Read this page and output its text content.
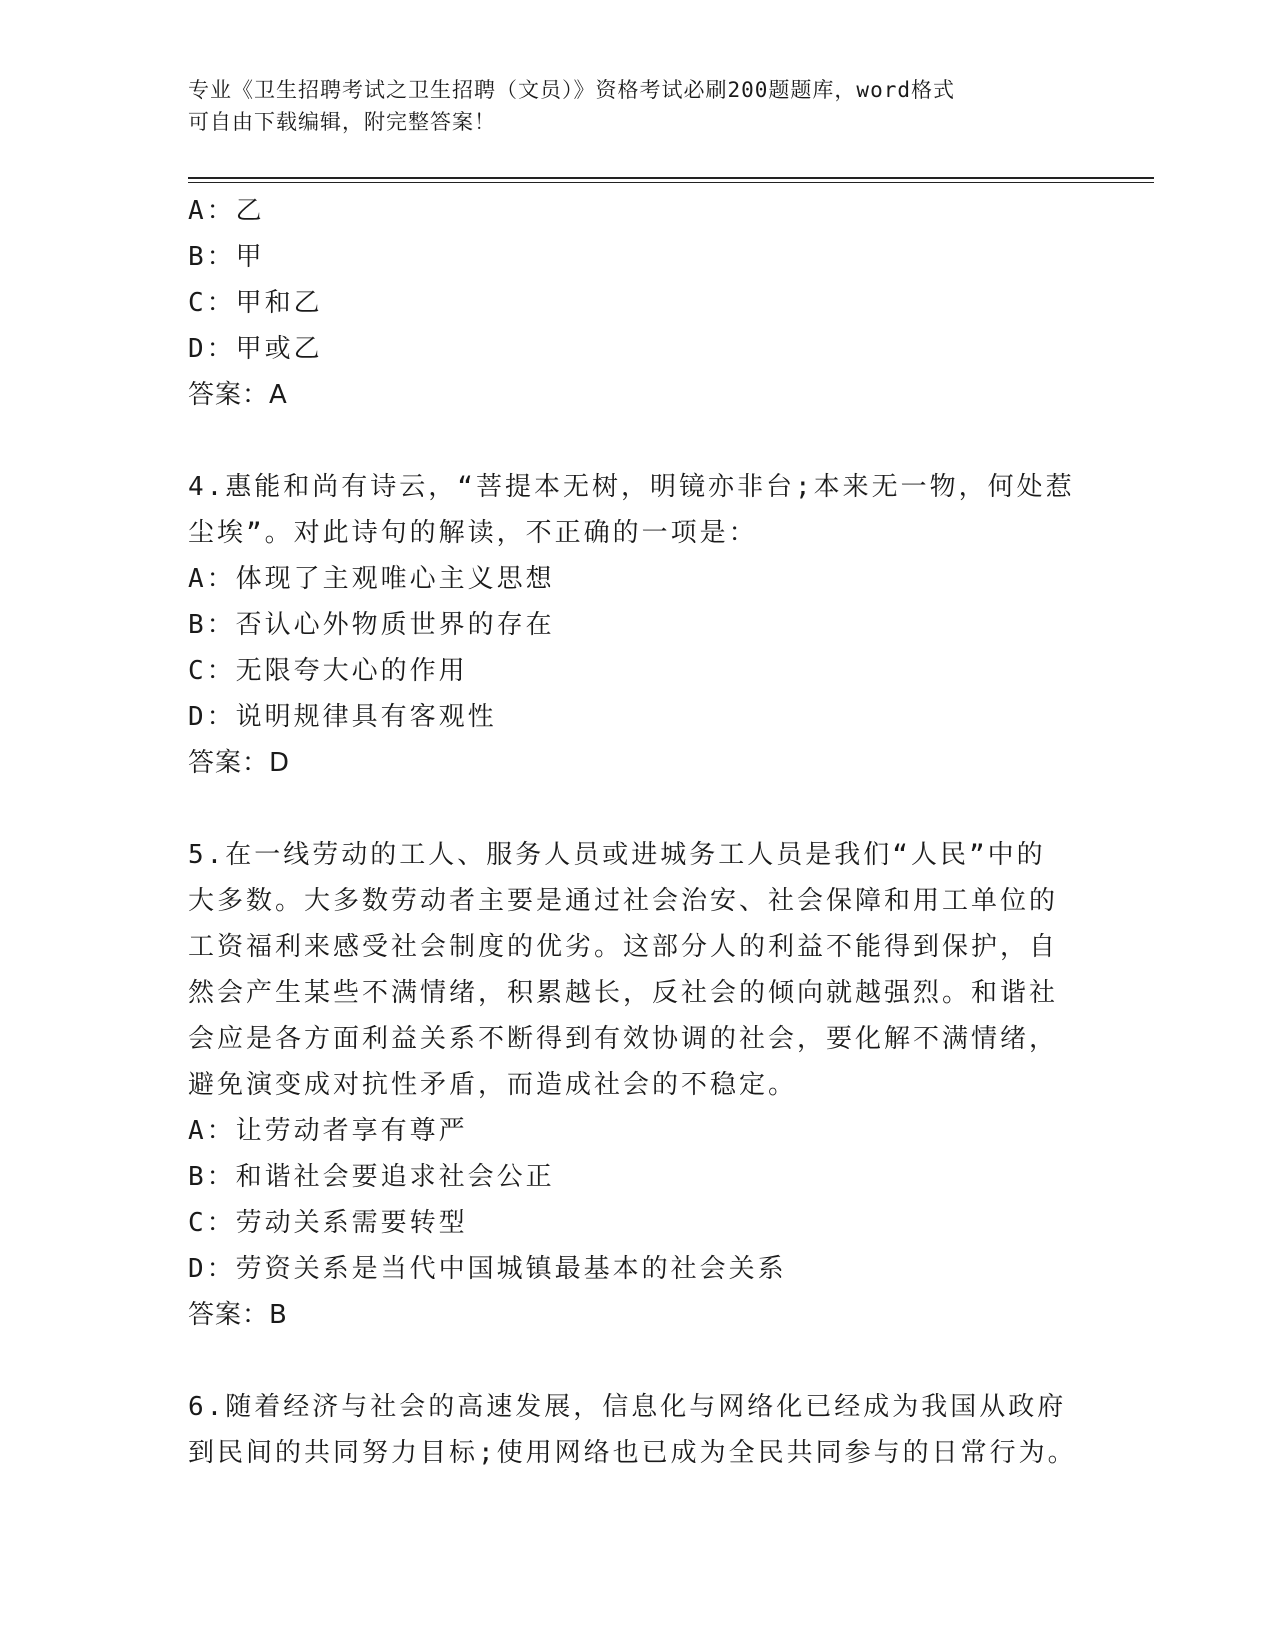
专业《卫生招聘考试之卫生招聘（文员）》资格考试必刷200题题库，word格式
可自由下载编辑，附完整答案！
A：乙
B：甲
C：甲和乙
D：甲或乙
答案：A
4.惠能和尚有诗云，“菩提本无树，明镜亦非台;本来无一物，何处惹
尘埃”。对此诗句的解读，不正确的一项是：
A：体现了主观唯心主义思想
B：否认心外物质世界的存在
C：无限夸大心的作用
D：说明规律具有客观性
答案：D
5.在一线劳动的工人、服务人员或进城务工人员是我们“人民”中的
大多数。大多数劳动者主要是通过社会治安、社会保障和用工单位的
工资福利来感受社会制度的优劣。这部分人的利益不能得到保护，自
然会产生某些不满情绪，积累越长，反社会的倾向就越强烈。和谐社
会应是各方面利益关系不断得到有效协调的社会，要化解不满情绪，
避免演变成对抗性矛盾，而造成社会的不稳定。
A：让劳动者享有尊严
B：和谐社会要追求社会公正
C：劳动关系需要转型
D：劳资关系是当代中国城镇最基本的社会关系
答案：B
6.随着经济与社会的高速发展，信息化与网络化已经成为我国从政府
到民间的共同努力目标;使用网络也已成为全民共同参与的日常行为。
